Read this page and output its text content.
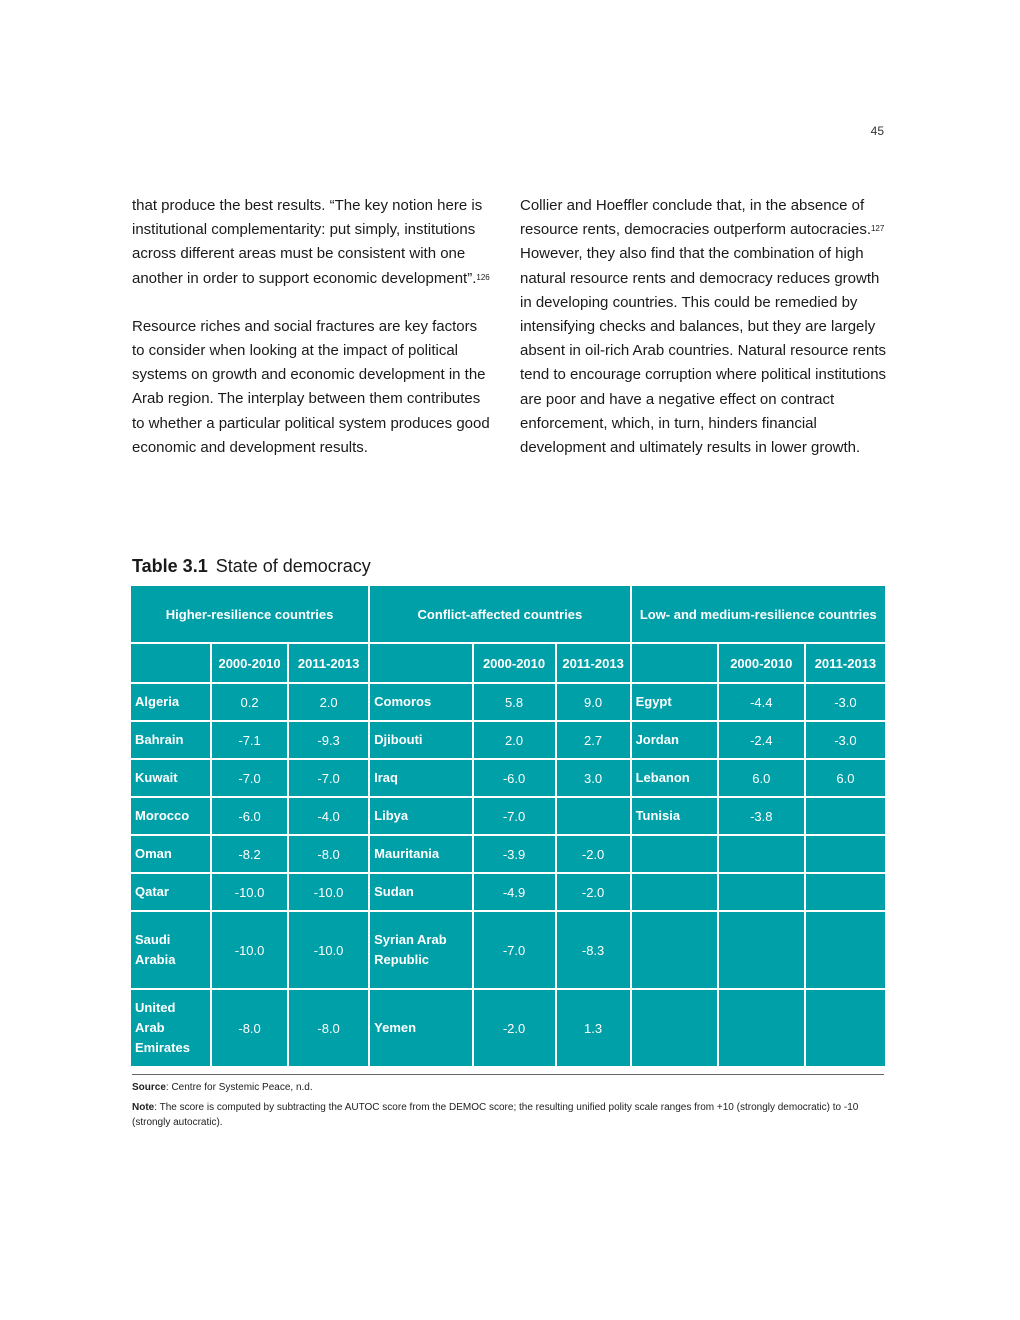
45

that produce the best results. “The key notion here is institutional complementarity: put simply, institutions across different areas must be consistent with one another in order to support economic development”.$^{126}$

Resource riches and social fractures are key factors to consider when looking at the impact of political systems on growth and economic development in the Arab region. The interplay between them contributes to whether a particular political system produces good economic and development results.

Collier and Hoeffler conclude that, in the absence of resource rents, democracies outperform autocracies.$^{127}$ However, they also find that the combination of high natural resource rents and democracy reduces growth in developing countries. This could be remedied by intensifying checks and balances, but they are largely absent in oil-rich Arab countries. Natural resource rents tend to encourage corruption where political institutions are poor and have a negative effect on contract enforcement, which, in turn, hinders financial development and ultimately results in lower growth.

Table 3.1 State of democracy
Higher-resilience countries			Conflict-affected countries			Low- and medium-resilience countries		
	2000-2010	2011-2013		2000-2010	2011-2013		2000-2010	2011-2013
Algeria	0.2	2.0	Comoros	5.8	9.0	Egypt	-4.4	-3.0
Bahrain	-7.1	-9.3	Djibouti	2.0	2.7	Jordan	-2.4	-3.0
Kuwait	-7.0	-7.0	Iraq	-6.0	3.0	Lebanon	6.0	6.0
Morocco	-6.0	-4.0	Libya	-7.0		Tunisia	-3.8	
Oman	-8.2	-8.0	Mauritania	-3.9	-2.0			
Qatar	-10.0	-10.0	Sudan	-4.9	-2.0			
Saudi Arabia	-10.0	-10.0	Syrian Arab Republic	-7.0	-8.3			
United Arab Emirates	-8.0	-8.0	Yemen	-2.0	1.3			
Source: Centre for Systemic Peace, n.d.
Note: The score is computed by subtracting the AUTOC score from the DEMOC score; the resulting unified polity scale ranges from +10 (strongly democratic) to -10 (strongly autocratic).
